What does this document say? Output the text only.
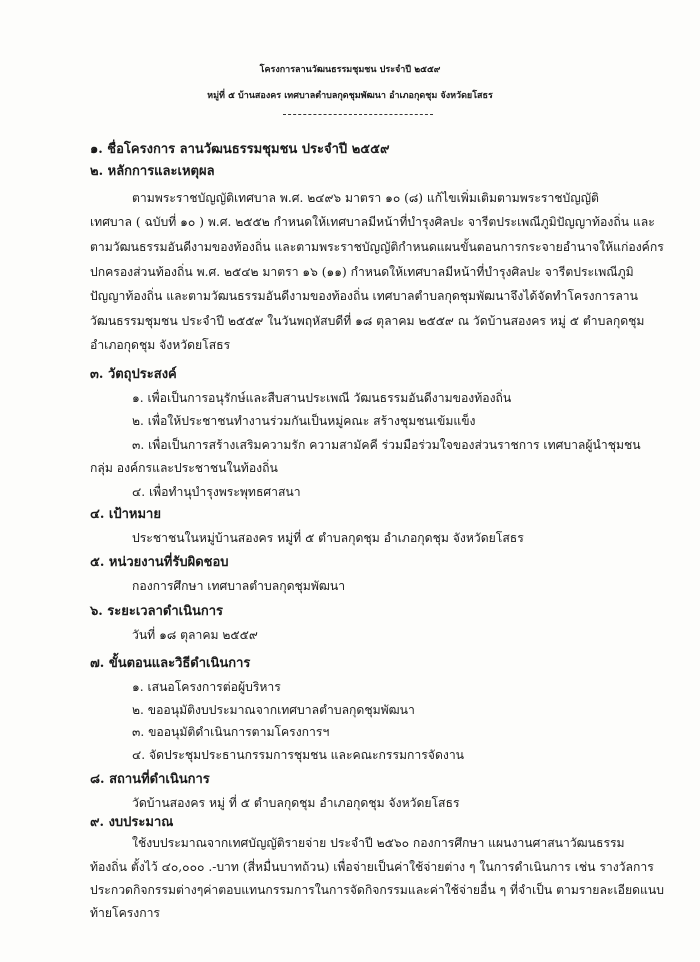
โครงการลานวัฒนธรรมชุมชน ประจำปี ๒๕๕๙
หมู่ที่ ๕ บ้านสองคร เทศบาลตำบลกุดชุมพัฒนา อำเภอกุดชุม จังหวัดยโสธร
๑. ชื่อโครงการ ลานวัฒนธรรมชุมชน ประจำปี ๒๕๕๙
๒. หลักการและเหตุผล
ตามพระราชบัญญัติเทศบาล พ.ศ. ๒๔๙๖ มาตรา ๑๐ (๘) แก้ไขเพิ่มเติมตามพระราชบัญญัติ
เทศบาล ( ฉบับที่ ๑๐ ) พ.ศ. ๒๕๕๒ กำหนดให้เทศบาลมีหน้าที่บำรุงศิลปะ จารีตประเพณีภูมิปัญญาท้องถิ่น และ
ตามวัฒนธรรมอันดีงามของท้องถิ่น และตามพระราชบัญญัติกำหนดแผนขั้นตอนการกระจายอำนาจให้แก่องค์กร
ปกครองส่วนท้องถิ่น พ.ศ. ๒๕๔๒ มาตรา ๑๖ (๑๑) กำหนดให้เทศบาลมีหน้าที่บำรุงศิลปะ จารีตประเพณีภูมิ
ปัญญาท้องถิ่น และตามวัฒนธรรมอันดีงามของท้องถิ่น เทศบาลตำบลกุดชุมพัฒนาจึงได้จัดทำโครงการลาน
วัฒนธรรมชุมชน ประจำปี ๒๕๕๙ ในวันพฤหัสบดีที่ ๑๘ ตุลาคม ๒๕๕๙ ณ วัดบ้านสองคร หมู่ ๕ ตำบลกุดชุม
อำเภอกุดชุม จังหวัดยโสธร
๓. วัตถุประสงค์
๑. เพื่อเป็นการอนุรักษ์และสืบสานประเพณี วัฒนธรรมอันดีงามของท้องถิ่น
๒. เพื่อให้ประชาชนทำงานร่วมกันเป็นหมู่คณะ สร้างชุมชนเข้มแข็ง
๓. เพื่อเป็นการสร้างเสริมความรัก ความสามัคคี ร่วมมือร่วมใจของส่วนราชการ เทศบาลผู้นำชุมชน
กลุ่ม องค์กรและประชาชนในท้องถิ่น
๔. เพื่อทำนุบำรุงพระพุทธศาสนา
๔. เป้าหมาย
ประชาชนในหมู่บ้านสองคร หมู่ที่ ๕ ตำบลกุดชุม อำเภอกุดชุม จังหวัดยโสธร
๕. หน่วยงานที่รับผิดชอบ
กองการศึกษา เทศบาลตำบลกุดชุมพัฒนา
๖. ระยะเวลาดำเนินการ
วันที่ ๑๘ ตุลาคม ๒๕๕๙
๗. ขั้นตอนและวิธีดำเนินการ
๑. เสนอโครงการต่อผู้บริหาร
๒. ขออนุมัติงบประมาณจากเทศบาลตำบลกุดชุมพัฒนา
๓. ขออนุมัติดำเนินการตามโครงการฯ
๔. จัดประชุมประธานกรรมการชุมชน และคณะกรรมการจัดงาน
๘. สถานที่ดำเนินการ
วัดบ้านสองคร หมู่ ที่ ๕ ตำบลกุดชุม อำเภอกุดชุม จังหวัดยโสธร
๙. งบประมาณ
ใช้งบประมาณจากเทศบัญญัติรายจ่าย ประจำปี ๒๕๖๐ กองการศึกษา แผนงานศาสนาวัฒนธรรม
ท้องถิ่น ตั้งไว้ ๔๐,๐๐๐ .-บาท (สี่หมื่นบาทถ้วน) เพื่อจ่ายเป็นค่าใช้จ่ายต่าง ๆ ในการดำเนินการ เช่น รางวัลการ
ประกวดกิจกรรมต่างๆค่าตอบแทนกรรมการในการจัดกิจกรรมและค่าใช้จ่ายอื่น ๆ ที่จำเป็น ตามรายละเอียดแนบ
ท้ายโครงการ
